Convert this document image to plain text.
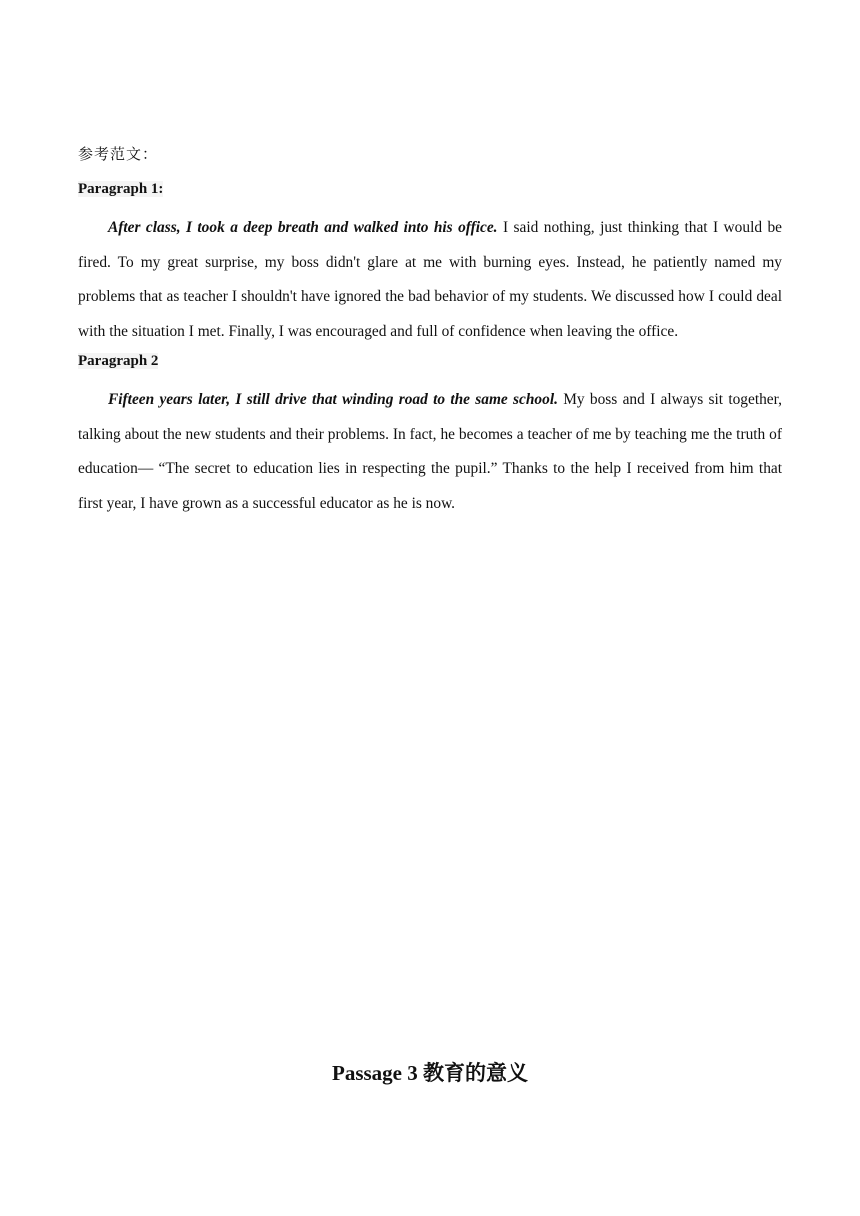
参考范文：
Paragraph 1:

After class, I took a deep breath and walked into his office. I said nothing, just thinking that I would be fired. To my great surprise, my boss didn't glare at me with burning eyes. Instead, he patiently named my problems that as teacher I shouldn't have ignored the bad behavior of my students. We discussed how I could deal with the situation I met. Finally, I was encouraged and full of confidence when leaving the office.

Paragraph 2

Fifteen years later, I still drive that winding road to the same school. My boss and I always sit together, talking about the new students and their problems. In fact, he becomes a teacher of me by teaching me the truth of education— “The secret to education lies in respecting the pupil.” Thanks to the help I received from him that first year, I have grown as a successful educator as he is now.

Passage 3 教育的意义
